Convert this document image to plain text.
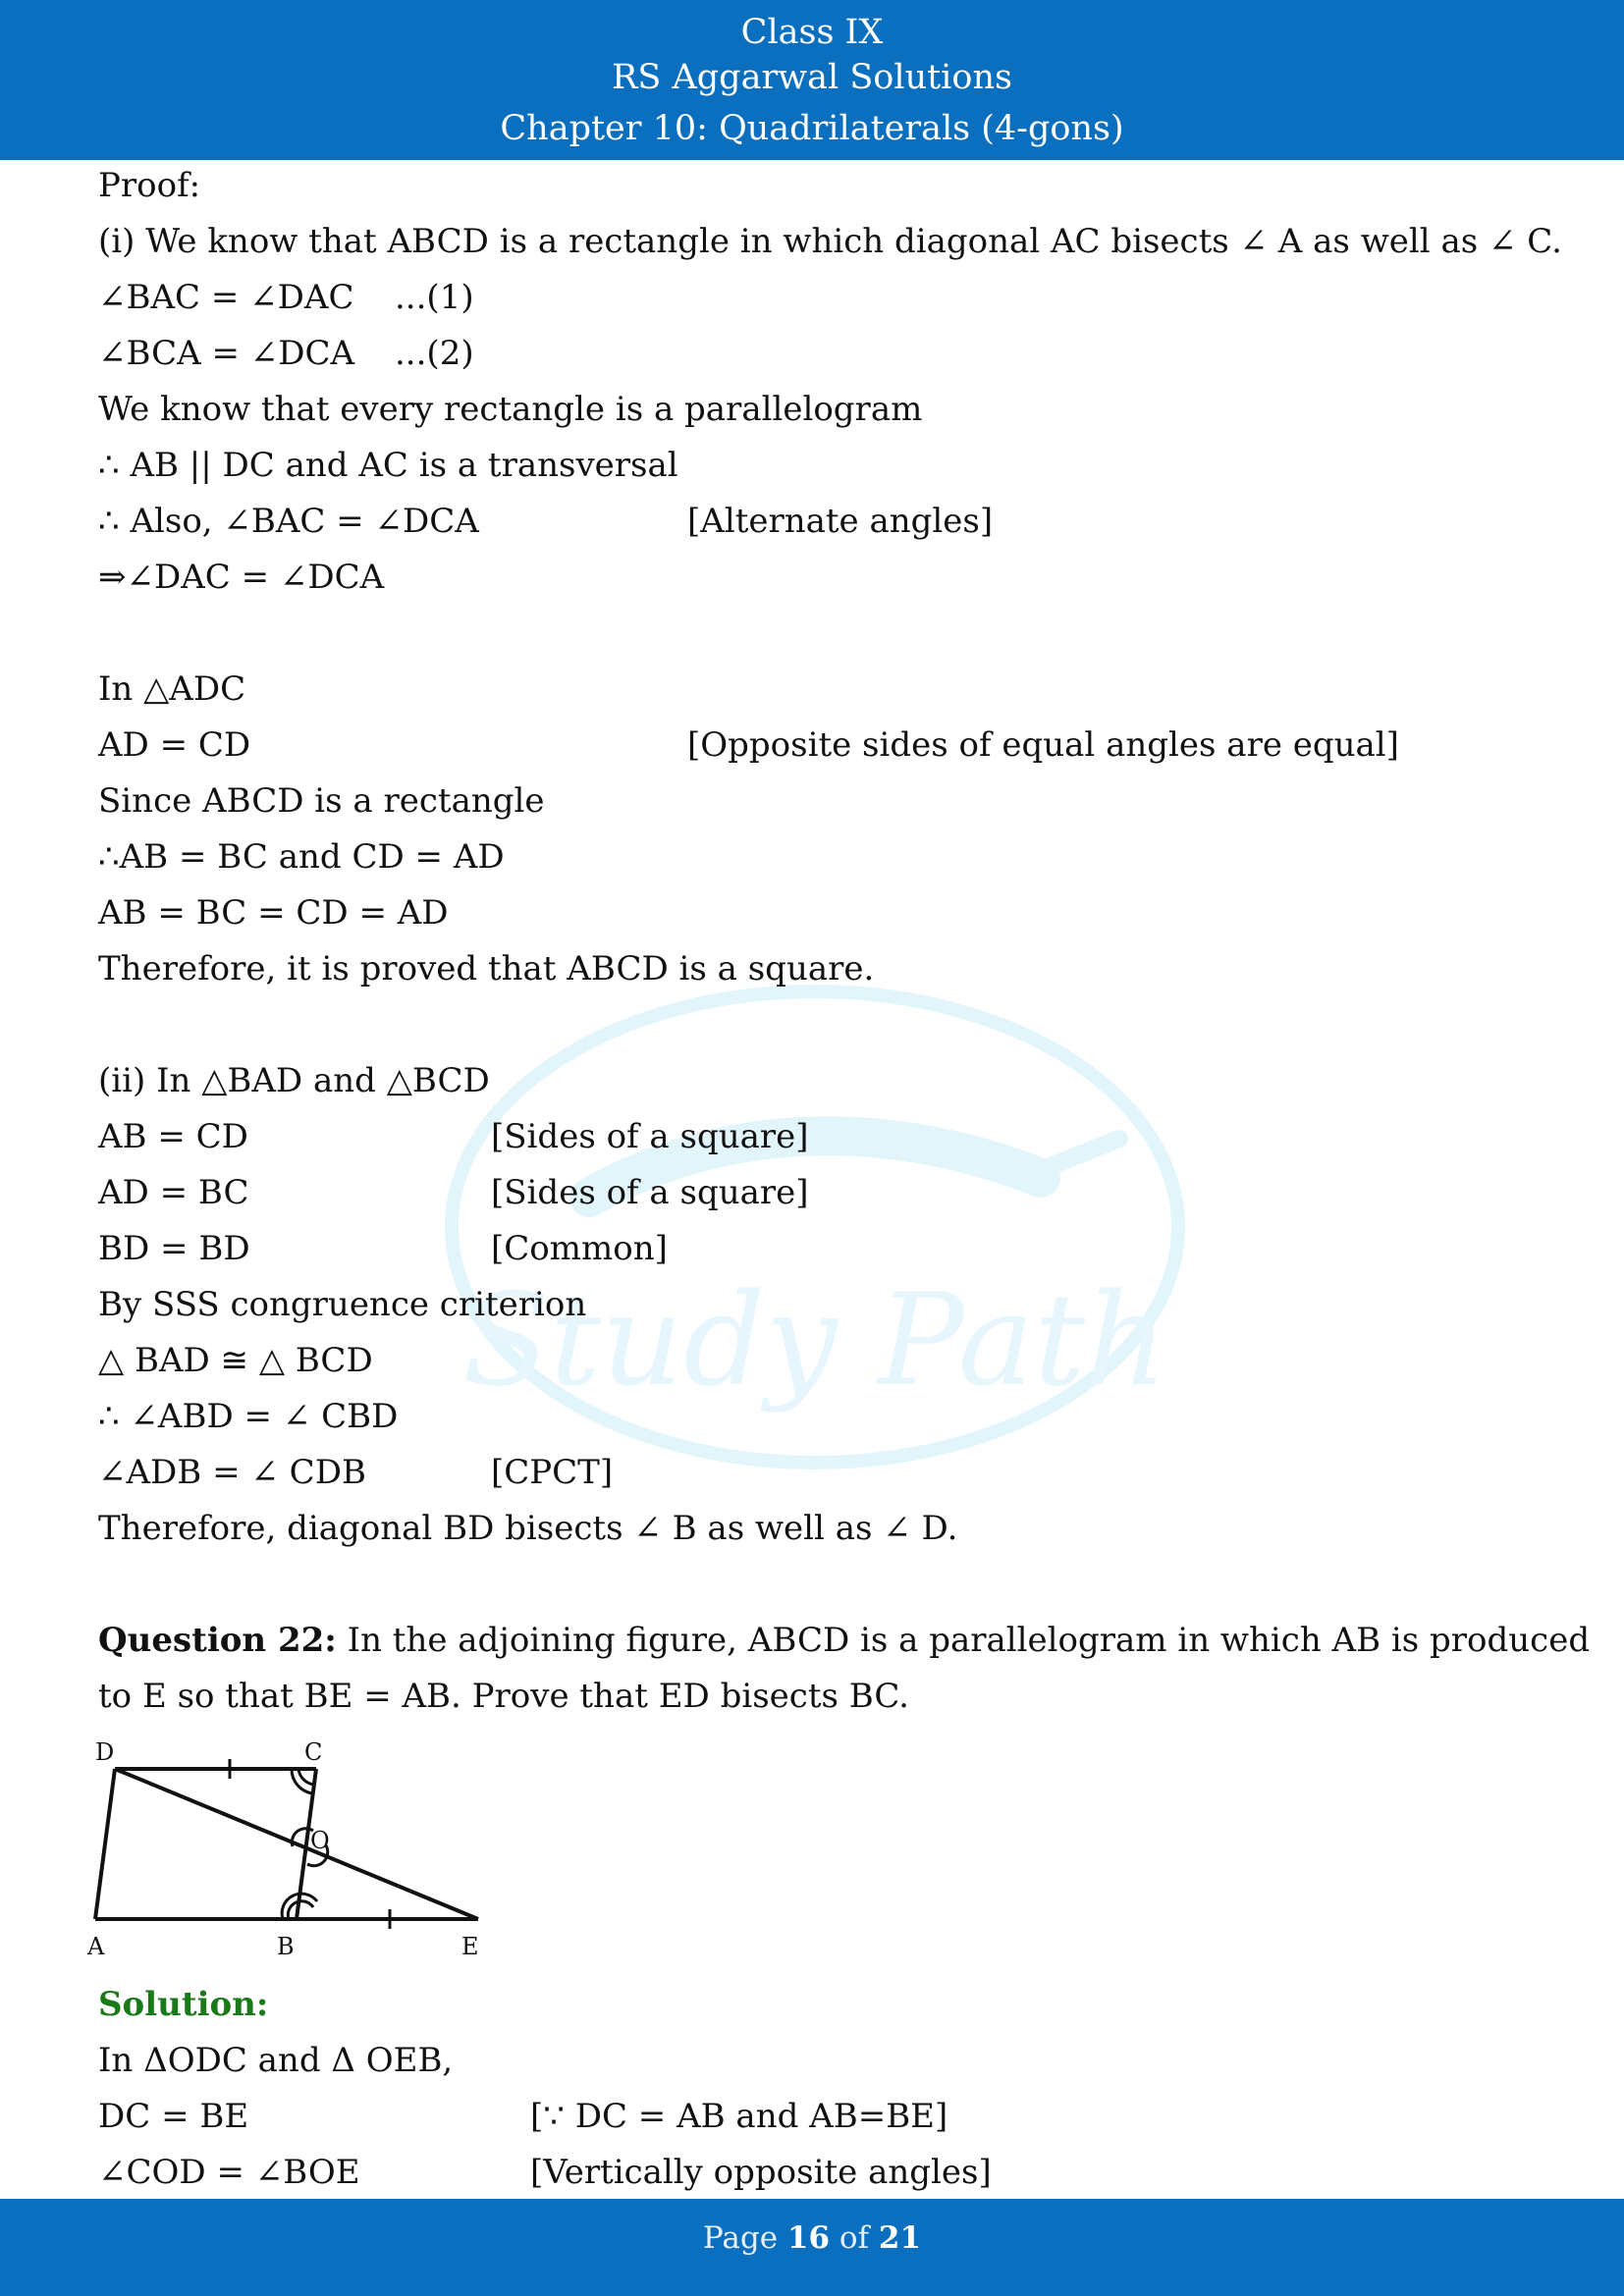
Class IX
RS Aggarwal Solutions
Chapter 10: Quadrilaterals (4-gons)
Study Path
Proof:
(i) We know that ABCD is a rectangle in which diagonal AC bisects ∠ A as well as ∠ C.
∠BAC = ∠DAC ...(1)
∠BCA = ∠DCA ...(2)
We know that every rectangle is a parallelogram
∴ AB || DC and AC is a transversal
∴ Also, ∠BAC = ∠DCA	[Alternate angles]
⇒∠DAC = ∠DCA
In △ADC
AD = CD	[Opposite sides of equal angles are equal]
Since ABCD is a rectangle
∴AB = BC and CD = AD
AB = BC = CD = AD
Therefore, it is proved that ABCD is a square.
(ii) In △BAD and △BCD
AB = CD	[Sides of a square]
AD = BC	[Sides of a square]
BD = BD	[Common]
By SSS congruence criterion
△ BAD ≅ △ BCD
∴ ∠ABD = ∠ CBD
∠ADB = ∠ CDB	[CPCT]
Therefore, diagonal BD bisects ∠ B as well as ∠ D.
Question 22: In the adjoining figure, ABCD is a parallelogram in which AB is produced
to E so that BE = AB. Prove that ED bisects BC.
D	C
O
A	B	E
Solution:
In ΔODC and Δ OEB,
DC = BE	[∵ DC = AB and AB=BE]
∠COD = ∠BOE	[Vertically opposite angles]
Page 16 of 21
